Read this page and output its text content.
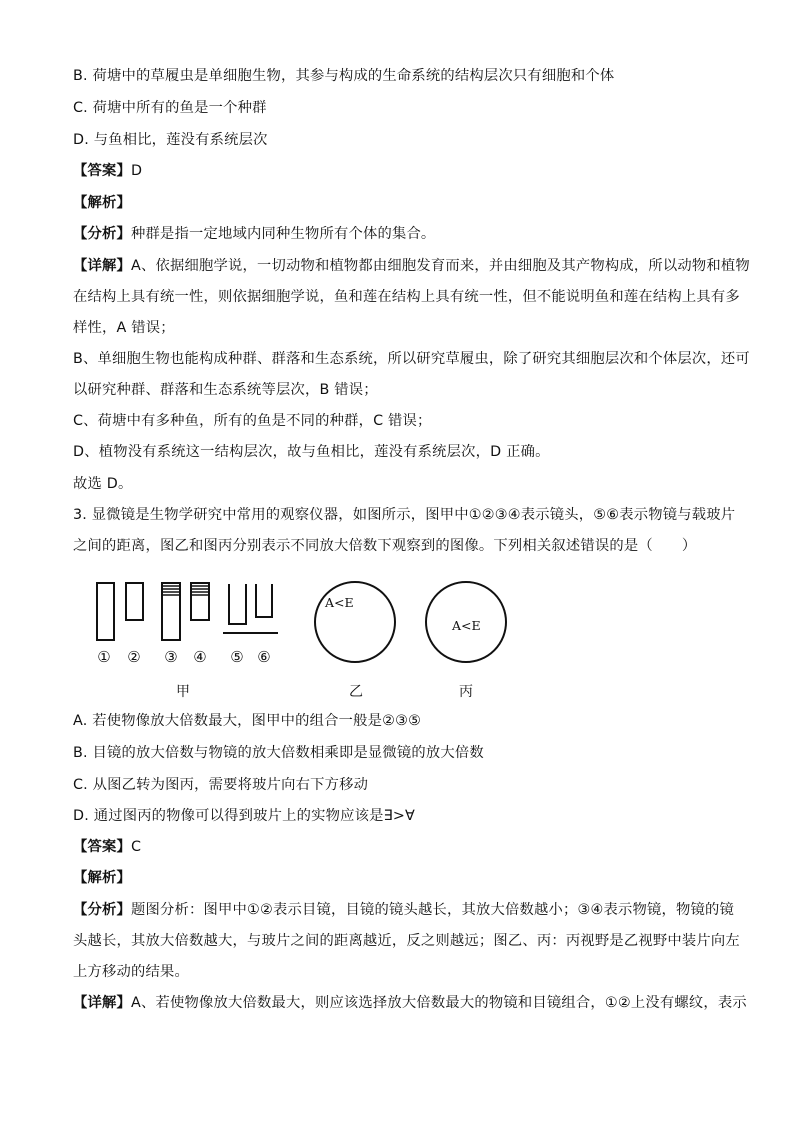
B. 荷塘中的草履虫是单细胞生物，其参与构成的生命系统的结构层次只有细胞和个体
C. 荷塘中所有的鱼是一个种群
D. 与鱼相比，莲没有系统层次
【答案】D
【解析】
【分析】种群是指一定地域内同种生物所有个体的集合。
【详解】A、依据细胞学说，一切动物和植物都由细胞发育而来，并由细胞及其产物构成，所以动物和植物
在结构上具有统一性，则依据细胞学说，鱼和莲在结构上具有统一性，但不能说明鱼和莲在结构上具有多
样性，A 错误；
B、单细胞生物也能构成种群、群落和生态系统，所以研究草履虫，除了研究其细胞层次和个体层次，还可
以研究种群、群落和生态系统等层次，B 错误；
C、荷塘中有多种鱼，所有的鱼是不同的种群，C 错误；
D、植物没有系统这一结构层次，故与鱼相比，莲没有系统层次，D 正确。
故选 D。
3. 显微镜是生物学研究中常用的观察仪器，如图所示，图甲中①②③④表示镜头，⑤⑥表示物镜与载玻片
之间的距离，图乙和图丙分别表示不同放大倍数下观察到的图像。下列相关叙述错误的是（　　）
① ② ③ ④ ⑤ ⑥
A<E
A<E
甲	乙	丙
A. 若使物像放大倍数最大，图甲中的组合一般是②③⑤
B. 目镜的放大倍数与物镜的放大倍数相乘即是显微镜的放大倍数
C. 从图乙转为图丙，需要将玻片向右下方移动
D. 通过图丙的物像可以得到玻片上的实物应该是∃>∀
【答案】C
【解析】
【分析】题图分析：图甲中①②表示目镜，目镜的镜头越长，其放大倍数越小；③④表示物镜，物镜的镜
头越长，其放大倍数越大，与玻片之间的距离越近，反之则越远；图乙、丙：丙视野是乙视野中装片向左
上方移动的结果。
【详解】A、若使物像放大倍数最大，则应该选择放大倍数最大的物镜和目镜组合，①②上没有螺纹，表示
